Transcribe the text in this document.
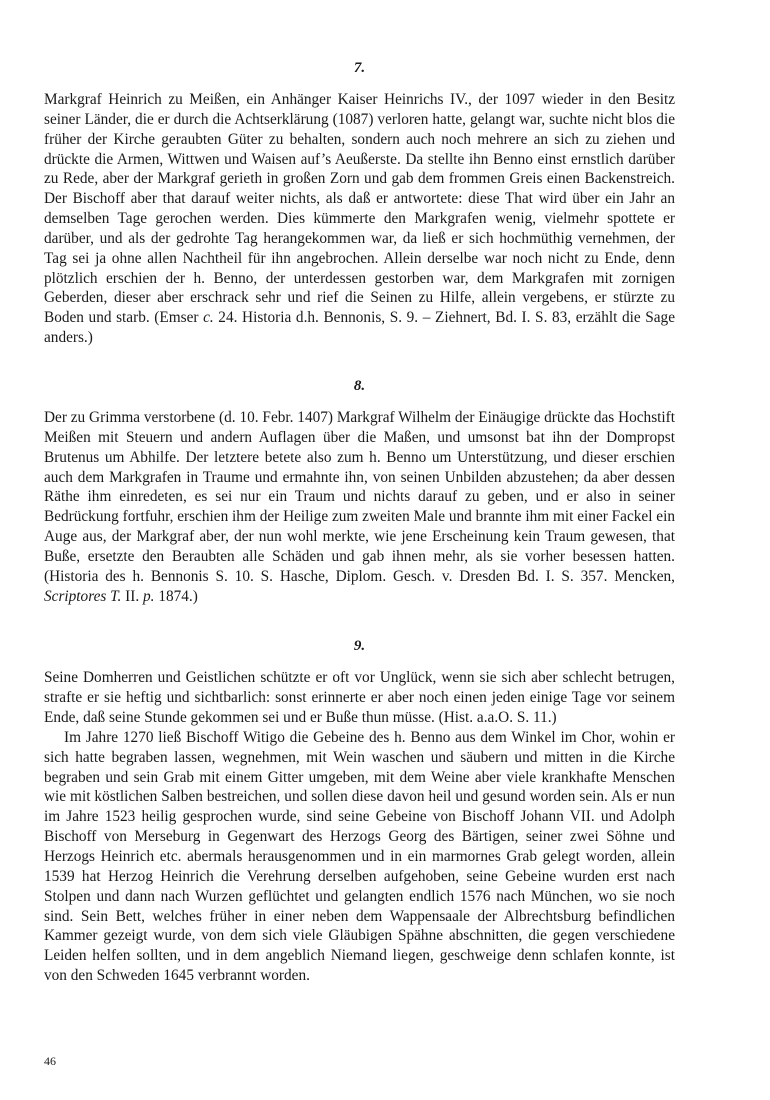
7.

Markgraf Heinrich zu Meißen, ein Anhänger Kaiser Heinrichs IV., der 1097 wieder in den Besitz seiner Länder, die er durch die Achtserklärung (1087) verloren hatte, gelangt war, suchte nicht blos die früher der Kirche geraubten Güter zu behalten, sondern auch noch mehrere an sich zu ziehen und drückte die Armen, Wittwen und Waisen auf’s Aeußerste. Da stellte ihn Benno einst ernstlich darüber zu Rede, aber der Markgraf gerieth in großen Zorn und gab dem frommen Greis einen Backenstreich. Der Bischoff aber that darauf weiter nichts, als daß er antwortete: diese That wird über ein Jahr an demselben Tage gerochen werden. Dies kümmerte den Markgrafen wenig, vielmehr spottete er darüber, und als der gedrohte Tag herangekommen war, da ließ er sich hochmüthig vernehmen, der Tag sei ja ohne allen Nachtheil für ihn angebrochen. Allein derselbe war noch nicht zu Ende, denn plötzlich erschien der h. Benno, der unterdessen gestorben war, dem Markgrafen mit zornigen Geberden, dieser aber erschrack sehr und rief die Seinen zu Hilfe, allein vergebens, er stürzte zu Boden und starb. (Emser c. 24. Historia d.h. Bennonis, S. 9. – Ziehnert, Bd. I. S. 83, erzählt die Sage anders.)

8.

Der zu Grimma verstorbene (d. 10. Febr. 1407) Markgraf Wilhelm der Einäugige drückte das Hochstift Meißen mit Steuern und andern Auflagen über die Maßen, und umsonst bat ihn der Dompropst Brutenus um Abhilfe. Der letztere betete also zum h. Benno um Unterstützung, und dieser erschien auch dem Markgrafen in Traume und ermahnte ihn, von seinen Unbilden abzustehen; da aber dessen Räthe ihm einredeten, es sei nur ein Traum und nichts darauf zu geben, und er also in seiner Bedrückung fortfuhr, erschien ihm der Heilige zum zweiten Male und brannte ihm mit einer Fackel ein Auge aus, der Markgraf aber, der nun wohl merkte, wie jene Erscheinung kein Traum gewesen, that Buße, ersetzte den Beraubten alle Schäden und gab ihnen mehr, als sie vorher besessen hatten. (Historia des h. Bennonis S. 10. S. Hasche, Diplom. Gesch. v. Dresden Bd. I. S. 357. Mencken, Scriptores T. II. p. 1874.)

9.

Seine Domherren und Geistlichen schützte er oft vor Unglück, wenn sie sich aber schlecht betrugen, strafte er sie heftig und sichtbarlich: sonst erinnerte er aber noch einen jeden einige Tage vor seinem Ende, daß seine Stunde gekommen sei und er Buße thun müsse. (Hist. a.a.O. S. 11.)

Im Jahre 1270 ließ Bischoff Witigo die Gebeine des h. Benno aus dem Winkel im Chor, wohin er sich hatte begraben lassen, wegnehmen, mit Wein waschen und säubern und mitten in die Kirche begraben und sein Grab mit einem Gitter umgeben, mit dem Weine aber viele krankhafte Menschen wie mit köstlichen Salben bestreichen, und sollen diese davon heil und gesund worden sein. Als er nun im Jahre 1523 heilig gesprochen wurde, sind seine Gebeine von Bischoff Johann VII. und Adolph Bischoff von Merseburg in Gegenwart des Herzogs Georg des Bärtigen, seiner zwei Söhne und Herzogs Heinrich etc. abermals herausgenommen und in ein marmornes Grab gelegt worden, allein 1539 hat Herzog Heinrich die Verehrung derselben aufgehoben, seine Gebeine wurden erst nach Stolpen und dann nach Wurzen geflüchtet und gelangten endlich 1576 nach München, wo sie noch sind. Sein Bett, welches früher in einer neben dem Wappensaale der Albrechtsburg befindlichen Kammer gezeigt wurde, von dem sich viele Gläubigen Spähne abschnitten, die gegen verschiedene Leiden helfen sollten, und in dem angeblich Niemand liegen, geschweige denn schlafen konnte, ist von den Schweden 1645 verbrannt worden.

46
